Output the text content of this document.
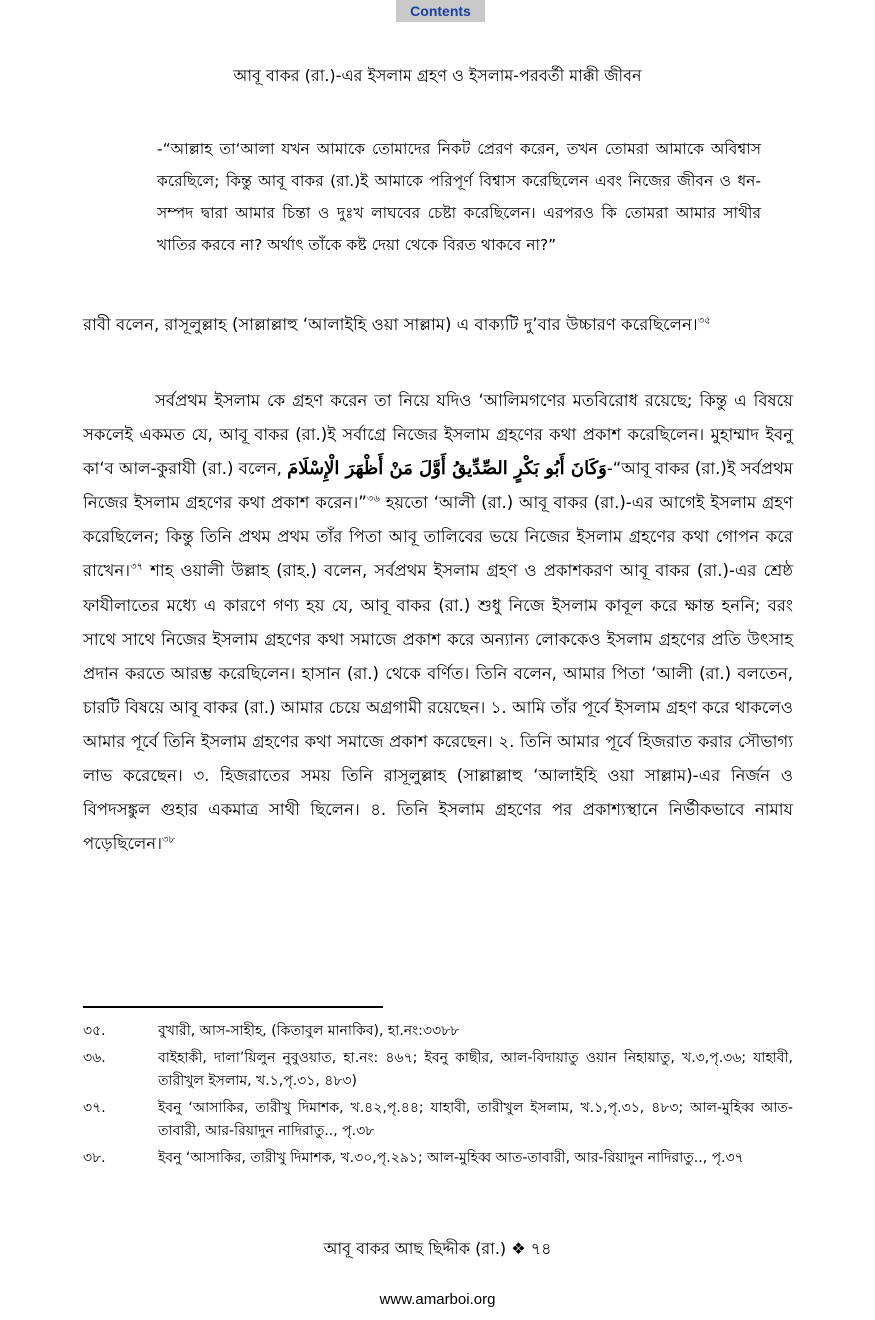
Contents
আবূ বাকর (রা.)-এর ইসলাম গ্রহণ ও ইসলাম-পরবর্তী মাক্কী জীবন
-“আল্লাহ তা‘আলা যখন আমাকে তোমাদের নিকট প্রেরণ করেন, তখন তোমরা আমাকে অবিশ্বাস করেছিলে; কিন্তু আবূ বাকর (রা.)ই আমাকে পরিপূর্ণ বিশ্বাস করেছিলেন এবং নিজের জীবন ও ধন-সম্পদ দ্বারা আমার চিন্তা ও দুঃখ লাঘবের চেষ্টা করেছিলেন। এরপরও কি তোমরা আমার সাথীর খাতির করবে না? অর্থাৎ তাঁকে কষ্ট দেয়া থেকে বিরত থাকবে না?”
রাবী বলেন, রাসূলুল্লাহ (সাল্লাল্লাহু ‘আলাইহি ওয়া সাল্লাম) এ বাক্যটি দু’বার উচ্চারণ করেছিলেন।$^{৩৫}$
সর্বপ্রথম ইসলাম কে গ্রহণ করেন তা নিয়ে যদিও ‘আলিমগণের মতবিরোধ রয়েছে; কিন্তু এ বিষয়ে সকলেই একমত যে, আবূ বাকর (রা.)ই সর্বাগ্রে নিজের ইসলাম গ্রহণের কথা প্রকাশ করেছিলেন। মুহাম্মাদ ইবনু কা‘ব আল-কুরাযী (রা.) বলেন, وَكَانَ أَبُو بَكْرٍ الصِّدِّيقُ أَوَّلَ مَنْ أَظْهَرَ الْإِسْلَامَ-“আবূ বাকর (রা.)ই সর্বপ্রথম নিজের ইসলাম গ্রহণের কথা প্রকাশ করেন।”$^{৩৬}$ হয়তো ‘আলী (রা.) আবূ বাকর (রা.)-এর আগেই ইসলাম গ্রহণ করেছিলেন; কিন্তু তিনি প্রথম প্রথম তাঁর পিতা আবূ তালিবের ভয়ে নিজের ইসলাম গ্রহণের কথা গোপন করে রাখেন।$^{৩৭}$ শাহ ওয়ালী উল্লাহ (রাহ.) বলেন, সর্বপ্রথম ইসলাম গ্রহণ ও প্রকাশকরণ আবূ বাকর (রা.)-এর শ্রেষ্ঠ ফাযীলাতের মধ্যে এ কারণে গণ্য হয় যে, আবূ বাকর (রা.) শুধু নিজে ইসলাম কাবূল করে ক্ষান্ত হননি; বরং সাথে সাথে নিজের ইসলাম গ্রহণের কথা সমাজে প্রকাশ করে অন্যান্য লোককেও ইসলাম গ্রহণের প্রতি উৎসাহ প্রদান করতে আরম্ভ করেছিলেন। হাসান (রা.) থেকে বর্ণিত। তিনি বলেন, আমার পিতা ‘আলী (রা.) বলতেন, চারটি বিষয়ে আবূ বাকর (রা.) আমার চেয়ে অগ্রগামী রয়েছেন। ১. আমি তাঁর পূর্বে ইসলাম গ্রহণ করে থাকলেও আমার পূর্বে তিনি ইসলাম গ্রহণের কথা সমাজে প্রকাশ করেছেন। ২. তিনি আমার পূর্বে হিজরাত করার সৌভাগ্য লাভ করেছেন। ৩. হিজরাতের সময় তিনি রাসূলুল্লাহ (সাল্লাল্লাহু ‘আলাইহি ওয়া সাল্লাম)-এর নির্জন ও বিপদসঙ্কুল গুহার একমাত্র সাথী ছিলেন। ৪. তিনি ইসলাম গ্রহণের পর প্রকাশ্যস্থানে নির্ভীকভাবে নামায পড়েছিলেন।$^{৩৮}$
৩৫.	বুখারী, আস-সাহীহ, (কিতাবুল মানাকিব), হা.নং:৩৩৮৮
৩৬.	বাইহাকী, দালা’য়িলুন নুবুওয়াত, হা.নং: ৪৬৭; ইবনু কাছীর, আল-বিদায়াতু ওয়ান নিহায়াতু, খ.৩,পৃ.৩৬; যাহাবী, তারীখুল ইসলাম, খ.১,পৃ.৩১, ৪৮৩)
৩৭.	ইবনু ‘আসাকির, তারীখু দিমাশক, খ.৪২,পৃ.৪৪; যাহাবী, তারীখুল ইসলাম, খ.১,পৃ.৩১, ৪৮৩; আল-মুহিব্ব আত-তাবারী, আর-রিয়াদুন নাদিরাতু.., পৃ.৩৮
৩৮.	ইবনু ‘আসাকির, তারীখু দিমাশক, খ.৩০,পৃ.২৯১; আল-মুহিব্ব আত-তাবারী, আর-রিয়াদুন নাদিরাতু.., পৃ.৩৭
আবূ বাকর আছ ছিদ্দীক (রা.) ❖ ৭৪
www.amarboi.org
